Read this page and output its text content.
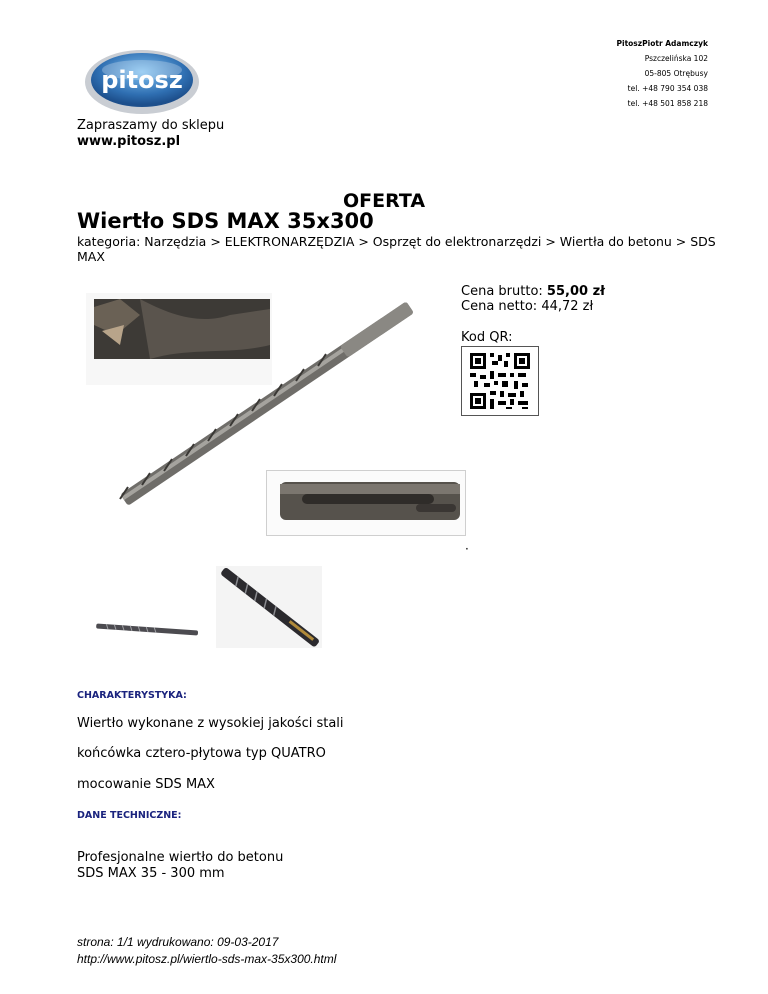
PitoszPiotr Adamczyk
Pszczelińska 102
05-805 Otrębusy
tel. +48 790 354 038
tel. +48 501 858 218
pitosz
Zapraszamy do sklepu
www.pitosz.pl
OFERTA
Wiertło SDS MAX 35x300
kategoria: Narzędzia > ELEKTRONARZĘDZIA > Osprzęt do elektronarzędzi > Wiertła do betonu > SDS MAX
Cena brutto: 55,00 zł
Cena netto: 44,72 zł
Kod QR:
·
CHARAKTERYSTYKA:
Wiertło wykonane z wysokiej jakości stali
końcówka cztero-płytowa typ QUATRO
mocowanie SDS MAX
DANE TECHNICZNE:
Profesjonalne wiertło do betonu
SDS MAX 35 - 300 mm
strona: 1/1 wydrukowano: 09-03-2017
http://www.pitosz.pl/wiertlo-sds-max-35x300.html
